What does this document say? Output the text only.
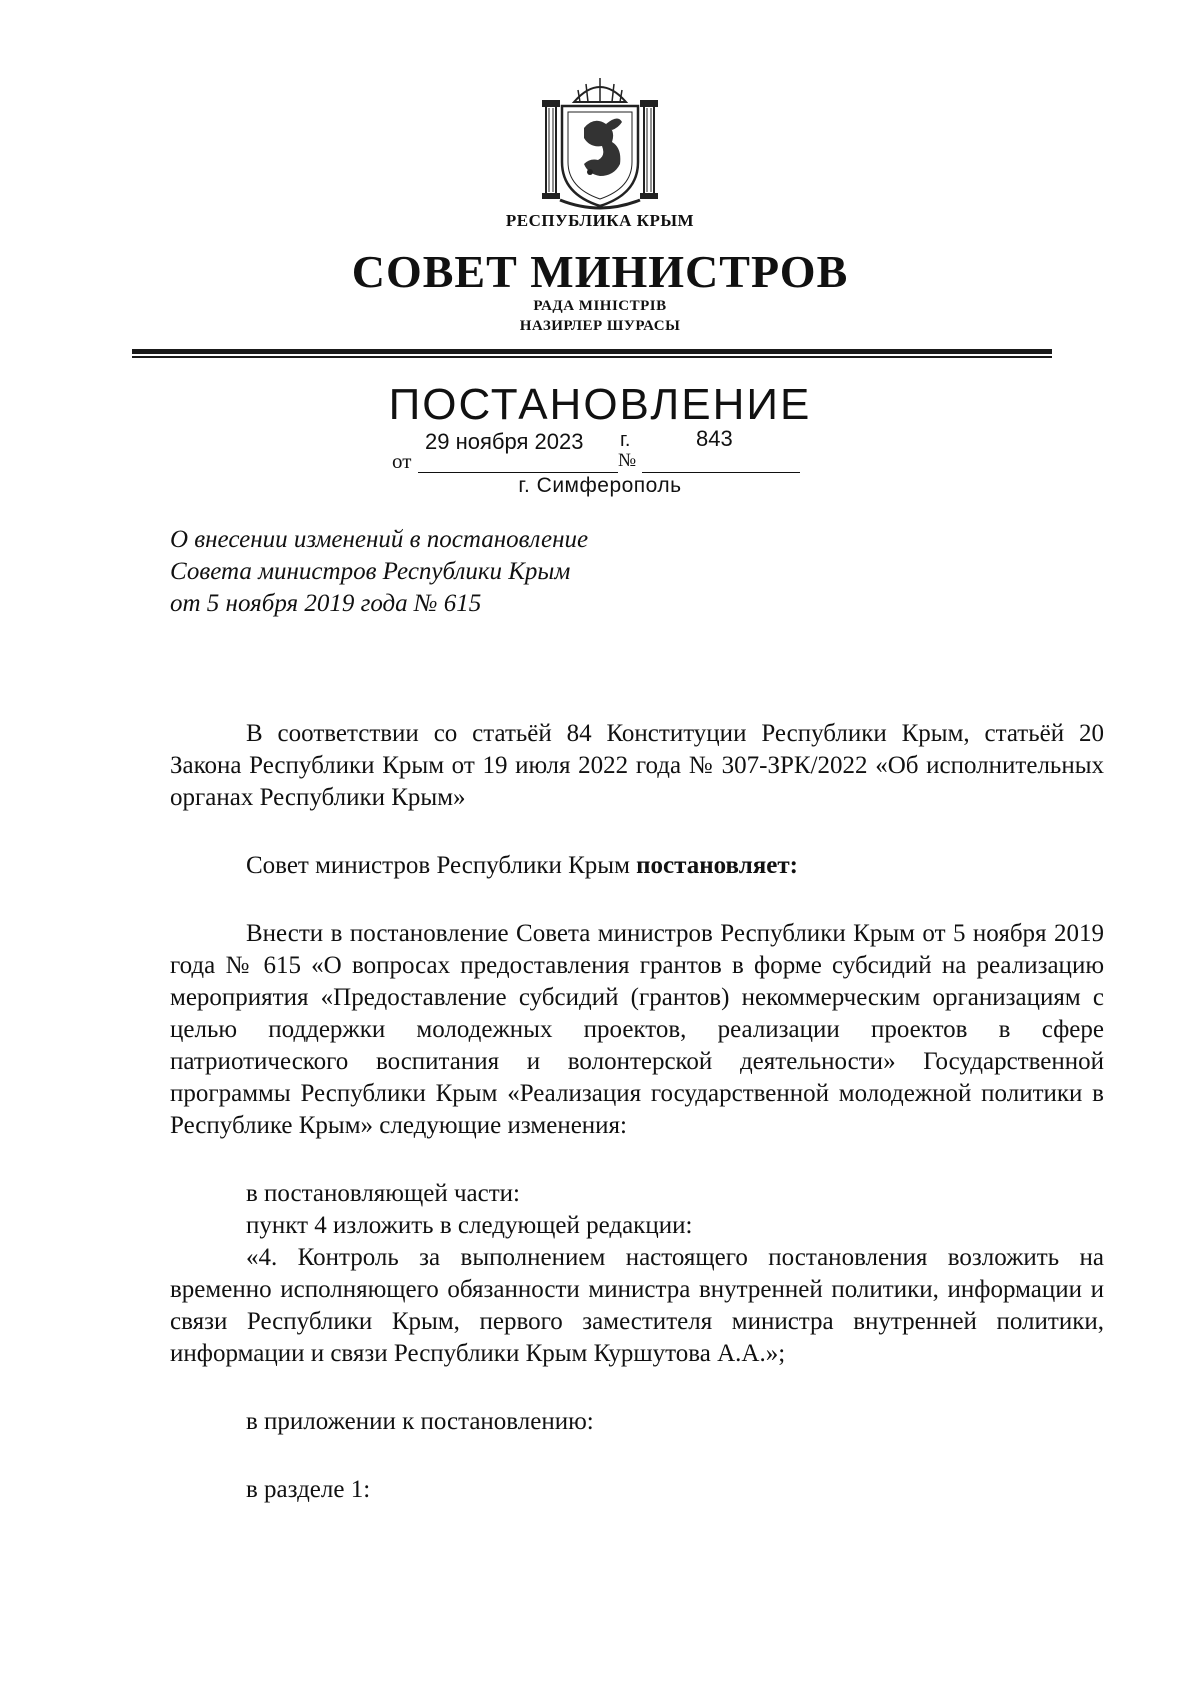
РЕСПУБЛИКА КРЫМ
СОВЕТ МИНИСТРОВ
РАДА МІНІСТРІВ
НАЗИРЛЕР ШУРАСЫ
ПОСТАНОВЛЕНИЕ
от
29 ноября 2023 г.
№
843
г. Симферополь
О внесении изменений в постановление
Совета министров Республики Крым
от 5 ноября 2019 года № 615

В соответствии со статьёй 84 Конституции Республики Крым, статьёй 20 Закона Республики Крым от 19 июля 2022 года № 307-ЗРК/2022 «Об исполнительных органах Республики Крым»

Совет министров Республики Крым постановляет:

Внести в постановление Совета министров Республики Крым от 5 ноября 2019 года № 615 «О вопросах предоставления грантов в форме субсидий на реализацию мероприятия «Предоставление субсидий (грантов) некоммерческим организациям с целью поддержки молодежных проектов, реализации проектов в сфере патриотического воспитания и волонтерской деятельности» Государственной программы Республики Крым «Реализация государственной молодежной политики в Республике Крым» следующие изменения:

в постановляющей части:

пункт 4 изложить в следующей редакции:

«4. Контроль за выполнением настоящего постановления возложить на временно исполняющего обязанности министра внутренней политики, информации и связи Республики Крым, первого заместителя министра внутренней политики, информации и связи Республики Крым Куршутова А.А.»;

в приложении к постановлению:

в разделе 1:
